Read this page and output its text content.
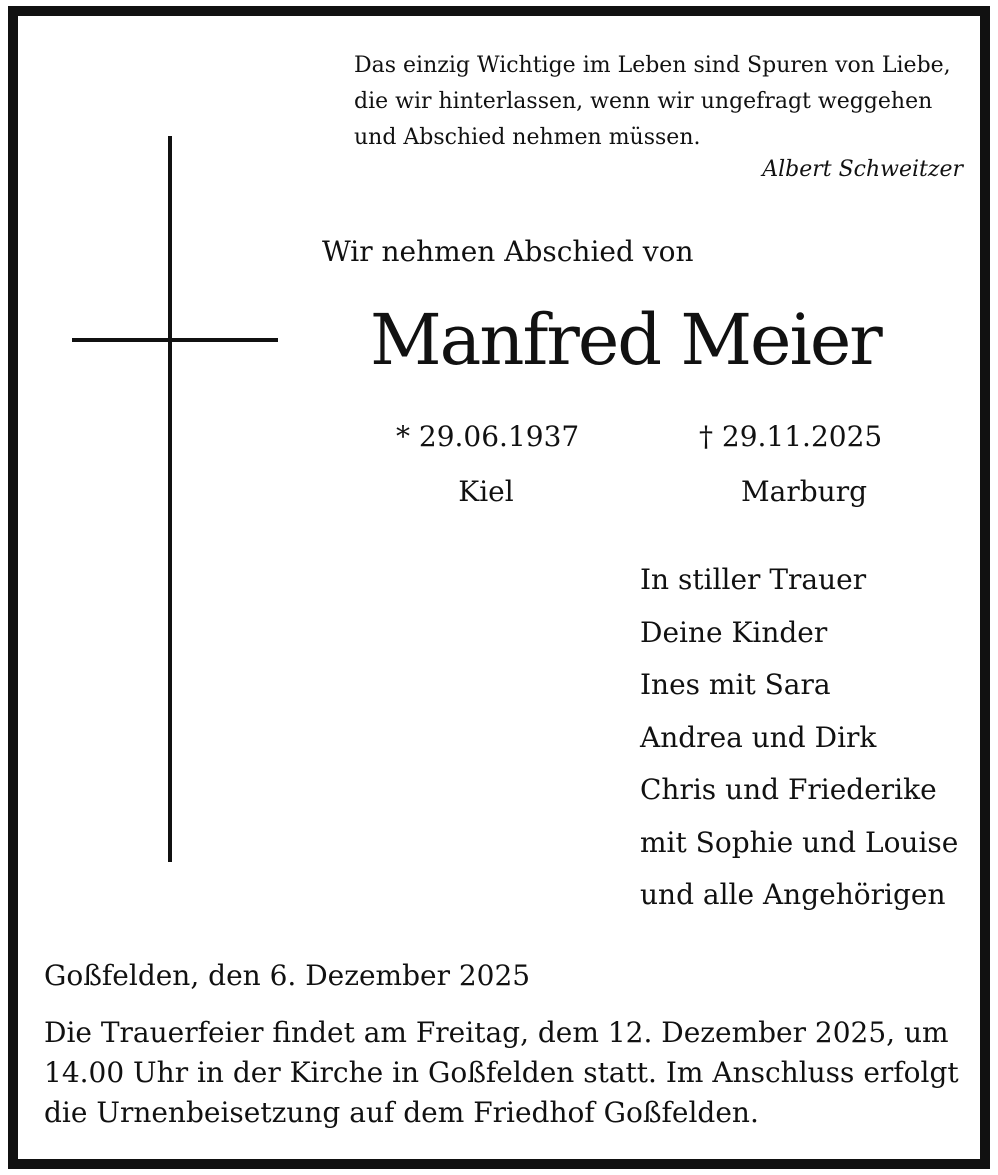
Das einzig Wichtige im Leben sind Spuren von Liebe,
die wir hinterlassen, wenn wir ungefragt weggehen
und Abschied nehmen müssen.
Albert Schweitzer
Wir nehmen Abschied von
Manfred Meier
* 29.06.1937	† 29.11.2025
Kiel	Marburg
In stiller Trauer
Deine Kinder
Ines mit Sara
Andrea und Dirk
Chris und Friederike
mit Sophie und Louise
und alle Angehörigen
Goßfelden, den 6. Dezember 2025
Die Trauerfeier findet am Freitag, dem 12. Dezember 2025, um
14.00 Uhr in der Kirche in Goßfelden statt. Im Anschluss erfolgt
die Urnenbeisetzung auf dem Friedhof Goßfelden.
